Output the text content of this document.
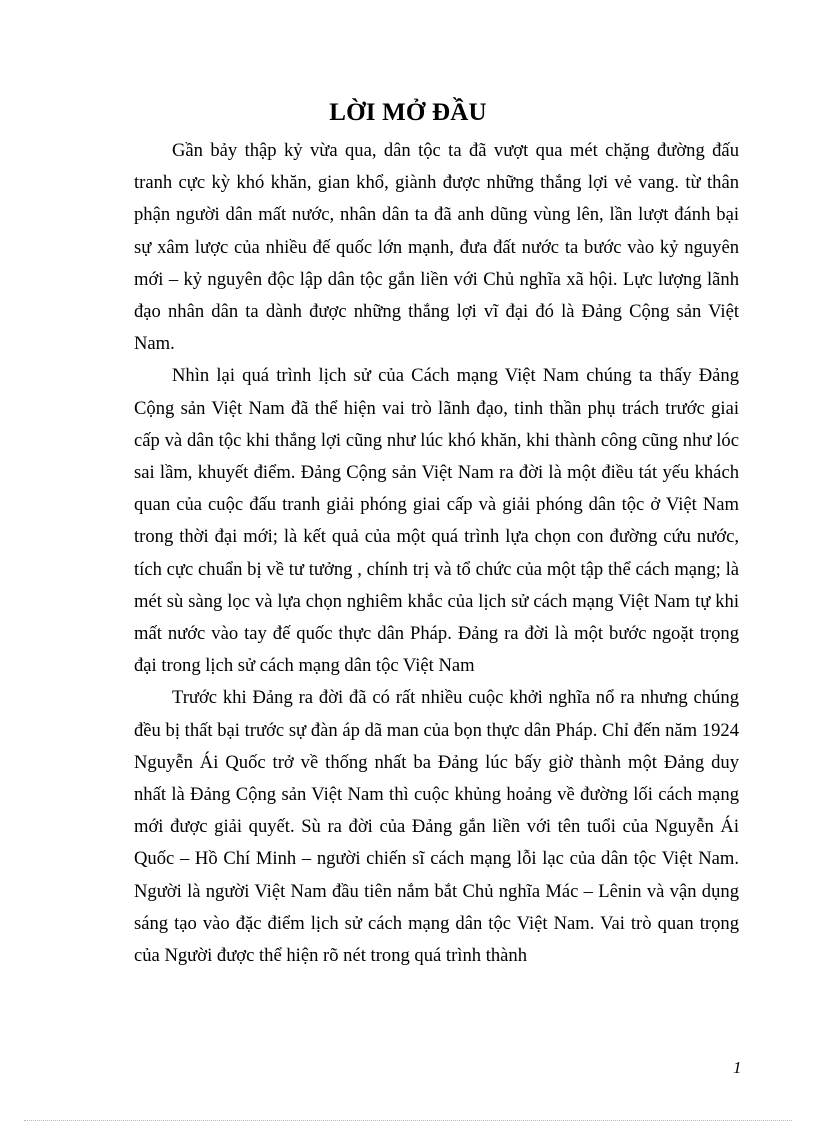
LỜI MỞ ĐẦU

Gần bảy thập kỷ vừa qua, dân tộc ta đã vượt qua mét chặng đường đấu tranh cực kỳ khó khăn, gian khổ, giành được những thắng lợi vẻ vang. từ thân phận người dân mất nước, nhân dân ta đã anh dũng vùng lên, lần lượt đánh bại sự xâm lược của nhiều đế quốc lớn mạnh, đưa đất nước ta bước vào kỷ nguyên mới – kỷ nguyên độc lập dân tộc gắn liền với Chủ nghĩa xã hội. Lực lượng lãnh đạo nhân dân ta dành được những thắng lợi vĩ đại đó là Đảng Cộng sản Việt Nam.

Nhìn lại quá trình lịch sử của Cách mạng Việt Nam chúng ta thấy Đảng Cộng sản Việt Nam đã thể hiện vai trò lãnh đạo, tinh thần phụ trách trước giai cấp và dân tộc khi thắng lợi cũng như lúc khó khăn, khi thành công cũng như lóc sai lầm, khuyết điểm. Đảng Cộng sản Việt Nam ra đời là một điều tát yếu khách quan của cuộc đấu tranh giải phóng giai cấp và giải phóng dân tộc ở Việt Nam trong thời đại mới; là kết quả của một quá trình lựa chọn con đường cứu nước, tích cực chuẩn bị về tư tưởng , chính trị và tổ chức của một tập thể cách mạng; là mét sù sàng lọc và lựa chọn nghiêm khắc của lịch sử cách mạng Việt Nam tự khi mất nước vào tay đế quốc thực dân Pháp. Đảng ra đời là một bước ngoặt trọng đại trong lịch sử cách mạng dân tộc Việt Nam

Trước khi Đảng ra đời đã có rất nhiều cuộc khởi nghĩa nổ ra nhưng chúng đều bị thất bại trước sự đàn áp dã man của bọn thực dân Pháp. Chỉ đến năm 1924 Nguyễn Ái Quốc trở về thống nhất ba Đảng lúc bấy giờ thành một Đảng duy nhất là Đảng Cộng sản Việt Nam thì cuộc khủng hoảng về đường lối cách mạng mới được giải quyết. Sù ra đời của Đảng gắn liền với tên tuổi của Nguyễn Ái Quốc – Hồ Chí Minh – người chiến sĩ cách mạng lỗi lạc của dân tộc Việt Nam. Người là người Việt Nam đầu tiên nắm bắt Chủ nghĩa Mác – Lênin và vận dụng sáng tạo vào đặc điểm lịch sử cách mạng dân tộc Việt Nam. Vai trò quan trọng của Người được thể hiện rõ nét trong quá trình thành

1
